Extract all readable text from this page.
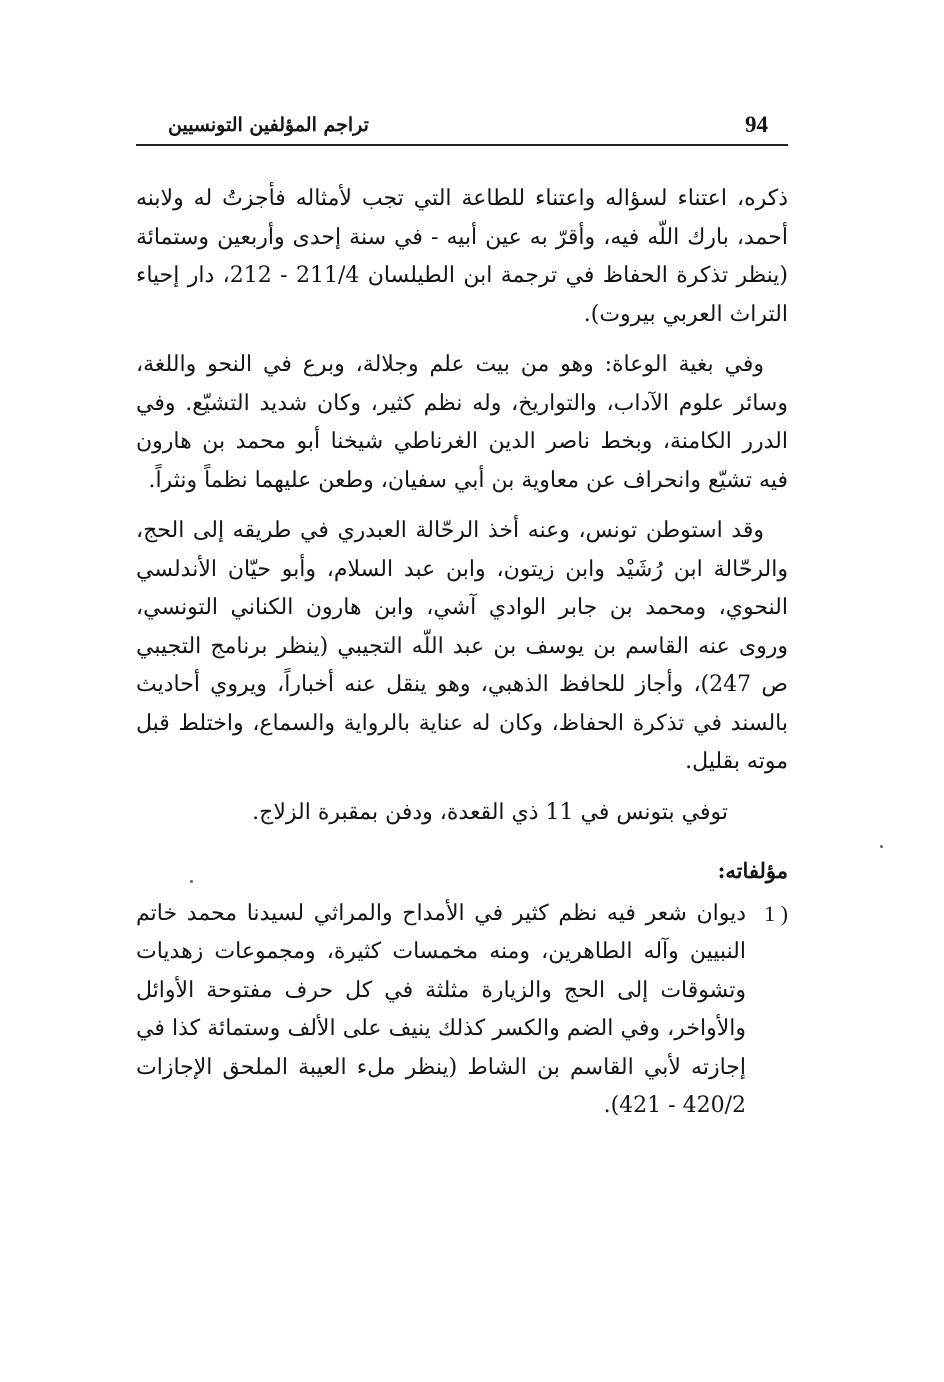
94
تراجم المؤلفين التونسيين

ذكره، اعتناء لسؤاله واعتناء للطاعة التي تجب لأمثاله فأجزتُ له ولابنه أحمد، بارك اللّه فيه، وأقرّ به عين أبيه - في سنة إحدى وأربعين وستمائة (ينظر تذكرة الحفاظ في ترجمة ابن الطيلسان 211/4 - 212، دار إحياء التراث العربي بيروت).

وفي بغية الوعاة: وهو من بيت علم وجلالة، وبرع في النحو واللغة، وسائر علوم الآداب، والتواريخ، وله نظم كثير، وكان شديد التشيّع. وفي الدرر الكامنة، وبخط ناصر الدين الغرناطي شيخنا أبو محمد بن هارون فيه تشيّع وانحراف عن معاوية بن أبي سفيان، وطعن عليهما نظماً ونثراً.

وقد استوطن تونس، وعنه أخذ الرحّالة العبدري في طريقه إلى الحج، والرحّالة ابن رُشَيْد وابن زيتون، وابن عبد السلام، وأبو حيّان الأندلسي النحوي، ومحمد بن جابر الوادي آشي، وابن هارون الكناني التونسي، وروى عنه القاسم بن يوسف بن عبد اللّه التجيبي (ينظر برنامج التجيبي ص 247)، وأجاز للحافظ الذهبي، وهو ينقل عنه أخباراً، ويروي أحاديث بالسند في تذكرة الحفاظ، وكان له عناية بالرواية والسماع، واختلط قبل موته بقليل.

توفي بتونس في 11 ذي القعدة، ودفن بمقبرة الزلاج.

مؤلفاته:
1 )
ديوان شعر فيه نظم كثير في الأمداح والمراثي لسيدنا محمد خاتم النبيين وآله الطاهرين، ومنه مخمسات كثيرة، ومجموعات زهديات وتشوقات إلى الحج والزيارة مثلثة في كل حرف مفتوحة الأوائل والأواخر، وفي الضم والكسر كذلك ينيف على الألف وستمائة كذا في إجازته لأبي القاسم بن الشاط (ينظر ملء العيبة الملحق الإجازات 420/2 - 421).
